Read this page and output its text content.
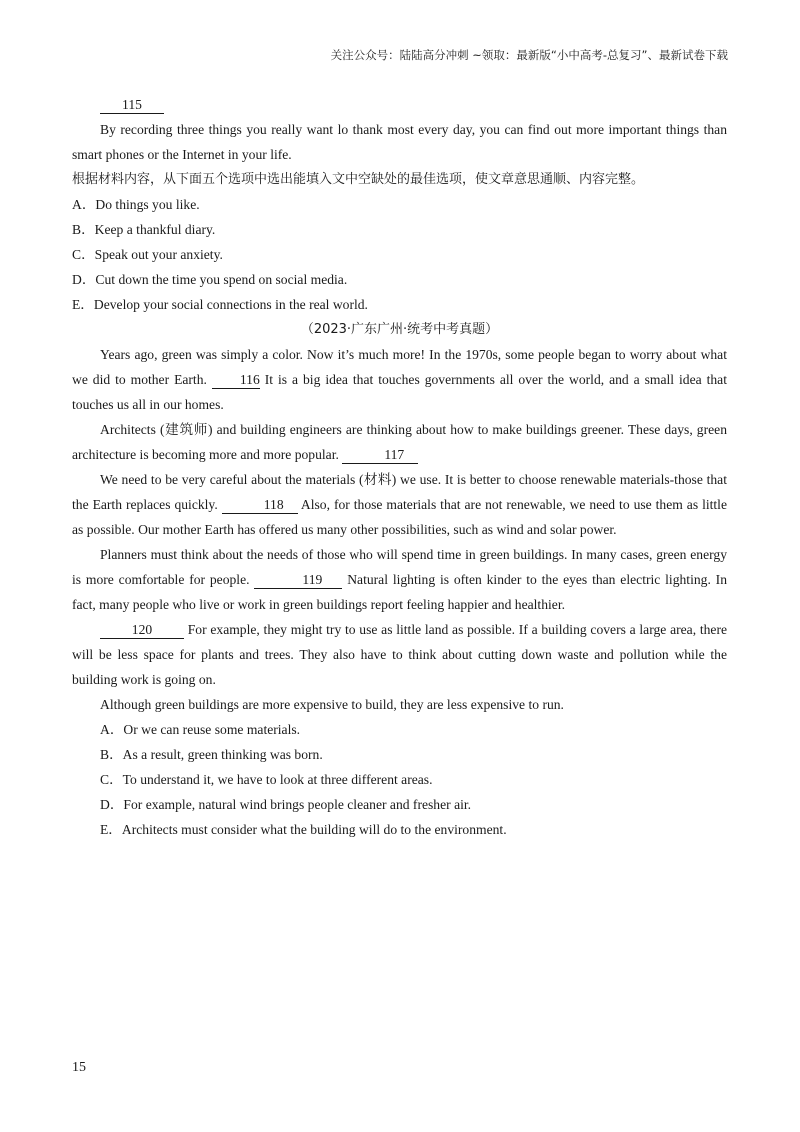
关注公众号：陆陆高分冲刺 ~领取：最新版“小中高考-总复习”、最新试卷下载

115

By recording three things you really want lo thank most every day, you can find out more important things than smart phones or the Internet in your life.

根据材料内容，从下面五个选项中选出能填入文中空缺处的最佳选项，使文章意思通顺、内容完整。

A．Do things you like.

B．Keep a thankful diary.

C．Speak out your anxiety.

D．Cut down the time you spend on social media.

E．Develop your social connections in the real world.

（2023·广东广州·统考中考真题）

Years ago, green was simply a color. Now it’s much more! In the 1970s, some people began to worry about what we did to mother Earth. 116 It is a big idea that touches governments all over the world, and a small idea that touches us all in our homes.

Architects (建筑师) and building engineers are thinking about how to make buildings greener. These days, green architecture is becoming more and more popular.	117

We need to be very careful about the materials (材料) we use. It is better to choose renewable materials-those that the Earth replaces quickly.	118 Also, for those materials that are not renewable, we need to use them as little as possible. Our mother Earth has offered us many other possibilities, such as wind and solar power.

Planners must think about the needs of those who will spend time in green buildings. In many cases, green energy is more comfortable for people.	119 Natural lighting is often kinder to the eyes than electric lighting. In fact, many people who live or work in green buildings report feeling happier and healthier.

120 For example, they might try to use as little land as possible. If a building covers a large area, there will be less space for plants and trees. They also have to think about cutting down waste and pollution while the building work is going on.

Although green buildings are more expensive to build, they are less expensive to run.

A．Or we can reuse some materials.

B．As a result, green thinking was born.

C．To understand it, we have to look at three different areas.

D．For example, natural wind brings people cleaner and fresher air.

E．Architects must consider what the building will do to the environment.

15
